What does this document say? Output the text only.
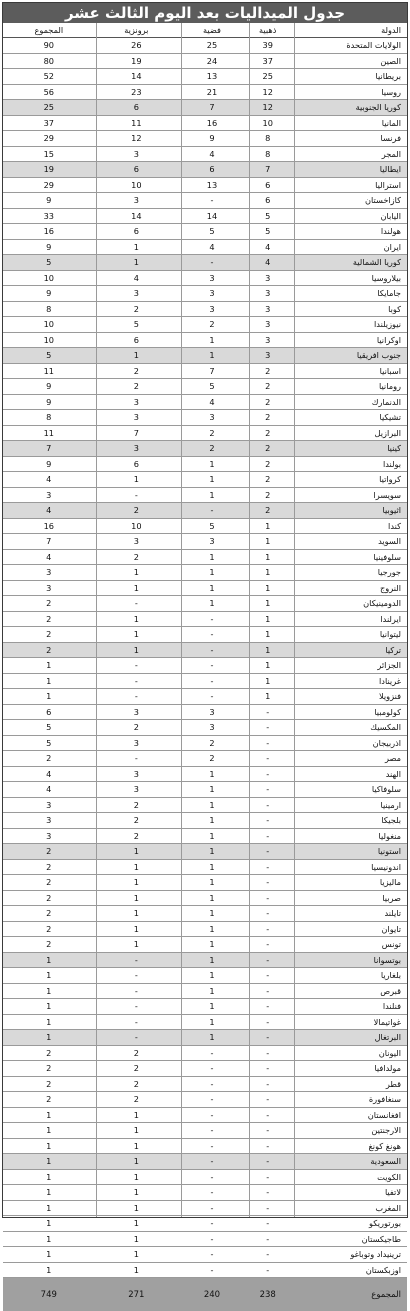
جدول الميداليات بعد اليوم الثالث عشر
المجموع	برونزية	فضية	ذهبية	الدولة
90	26	25	39	الولايات المتحدة
80	19	24	37	الصين
52	14	13	25	بريطانيا
56	23	21	12	روسيا
25	6	7	12	كوريا الجنوبية
37	11	16	10	المانيا
29	12	9	8	فرنسا
15	3	4	8	المجر
19	6	6	7	ايطاليا
29	10	13	6	استراليا
9	3	-	6	كازاخستان
33	14	14	5	اليابان
16	6	5	5	هولندا
9	1	4	4	ايران
5	1	-	4	كوريا الشمالية
10	4	3	3	بيلاروسيا
9	3	3	3	جامايكا
8	2	3	3	كوبا
10	5	2	3	نيوزيلندا
10	6	1	3	اوكرانيا
5	1	1	3	جنوب افريقيا
11	2	7	2	اسبانيا
9	2	5	2	رومانيا
9	3	4	2	الدنمارك
8	3	3	2	تشيكيا
11	7	2	2	البرازيل
7	3	2	2	كينيا
9	6	1	2	بولندا
4	1	1	2	كرواتيا
3	-	1	2	سويسرا
4	2	-	2	اثيوبيا
16	10	5	1	كندا
7	3	3	1	السويد
4	2	1	1	سلوفينيا
3	1	1	1	جورجيا
3	1	1	1	النروج
2	-	1	1	الدومينيكان
2	1	-	1	ايرلندا
2	1	-	1	ليتوانيا
2	1	-	1	تركيا
1	-	-	1	الجزائر
1	-	-	1	غرينادا
1	-	-	1	فنزويلا
6	3	3	-	كولومبيا
5	2	3	-	المكسيك
5	3	2	-	اذربيجان
2	-	2	-	مصر
4	3	1	-	الهند
4	3	1	-	سلوفاكيا
3	2	1	-	ارمينيا
3	2	1	-	بلجيكا
3	2	1	-	منغوليا
2	1	1	-	استونيا
2	1	1	-	اندونيسيا
2	1	1	-	ماليزيا
2	1	1	-	صربيا
2	1	1	-	تايلند
2	1	1	-	تايوان
2	1	1	-	تونس
1	-	1	-	بوتسوانا
1	-	1	-	بلغاريا
1	-	1	-	قبرص
1	-	1	-	فنلندا
1	-	1	-	غواتيمالا
1	-	1	-	البرتغال
2	2	-	-	اليونان
2	2	-	-	مولدافيا
2	2	-	-	قطر
2	2	-	-	سنغافورة
1	1	-	-	افغانستان
1	1	-	-	الارجنتين
1	1	-	-	هونغ كونغ
1	1	-	-	السعودية
1	1	-	-	الكويت
1	1	-	-	لاتفيا
1	1	-	-	المغرب
1	1	-	-	بورتوريكو
1	1	-	-	طاجيكستان
1	1	-	-	ترينيداد وتوباغو
1	1	-	-	اوزبكستان
749	271	240	238	المجموع
